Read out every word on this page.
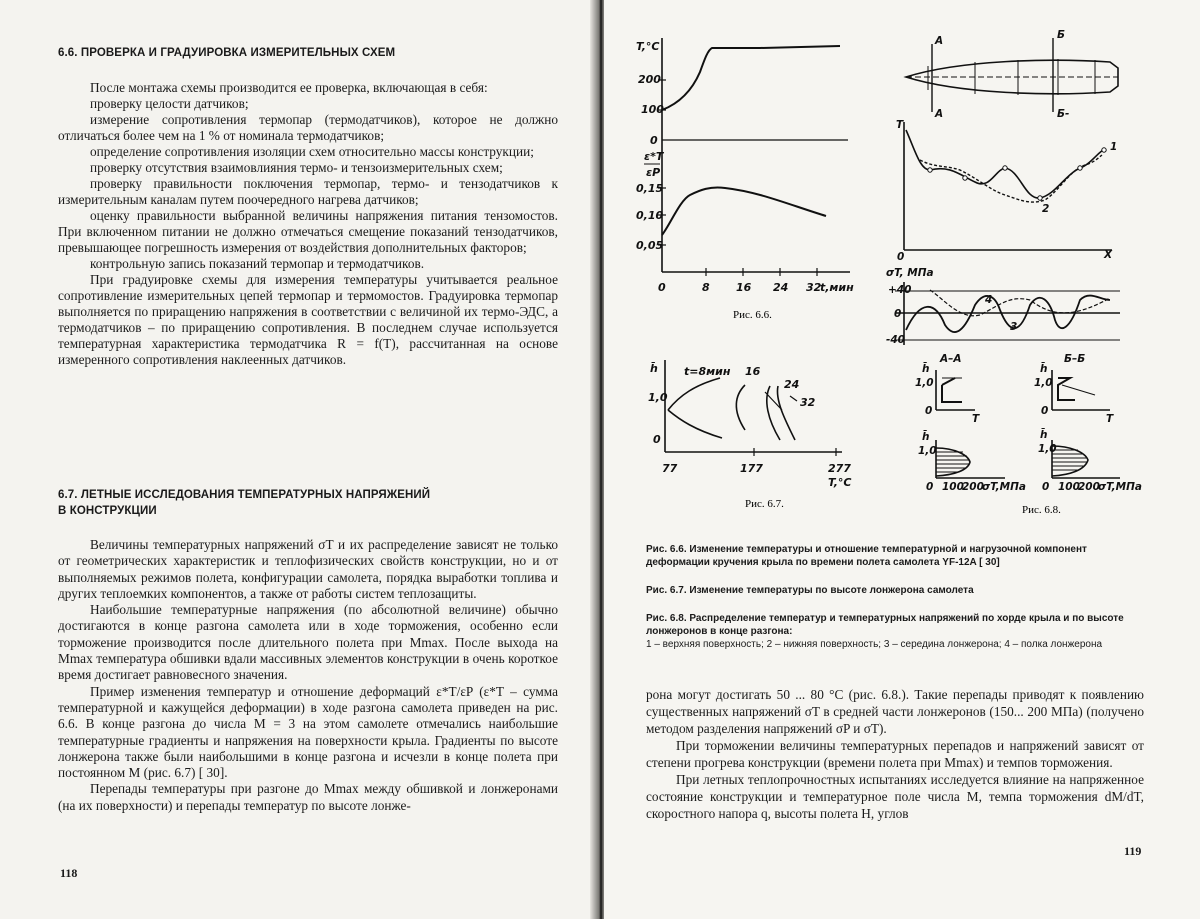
6.6. ПРОВЕРКА И ГРАДУИРОВКА ИЗМЕРИТЕЛЬНЫХ СХЕМ

После монтажа схемы производится ее проверка, включающая в себя:

проверку целости датчиков;

измерение сопротивления термопар (термодатчиков), которое не должно отличаться более чем на 1 % от номинала термодатчиков;

определение сопротивления изоляции схем относительно массы конструкции;

проверку отсутствия взаимовлияния термо- и тензоизмерительных схем;

проверку правильности поключения термопар, термо- и тензодатчиков к измерительным каналам путем поочередного нагрева датчиков;

оценку правильности выбранной величины напряжения питания тензомостов. При включенном питании не должно отмечаться смещение показаний тензодатчиков, превышающее погрешность измерения от воздействия дополнительных факторов;

контрольную запись показаний термопар и термодатчиков.

При градуировке схемы для измерения температуры учитывается реальное сопротивление измерительных цепей термопар и термомостов. Градуировка термопар выполняется по приращению напряжения в соответствии с величиной их термо-ЭДС, а термодатчиков – по приращению сопротивления. В последнем случае используется температурная характеристика термодатчика R = f(T), рассчитанная на основе измеренного сопротивления наклеенных датчиков.

6.7. ЛЕТНЫЕ ИССЛЕДОВАНИЯ ТЕМПЕРАТУРНЫХ НАПРЯЖЕНИЙ
В КОНСТРУКЦИИ

Величины температурных напряжений σT и их распределение зависят не только от геометрических характеристик и теплофизических свойств конструкции, но и от выполняемых режимов полета, конфигурации самолета, порядка выработки топлива и других теплоемких компонентов, а также от работы систем теплозащиты.

Наибольшие температурные напряжения (по абсолютной величине) обычно достигаются в конце разгона самолета или в ходе торможения, особенно если торможение производится после длительного полета при Mmax. После выхода на Mmax температура обшивки вдали массивных элементов конструкции в очень короткое время достигает равновесного значения.

Пример изменения температур и отношение деформаций ε*T/εP (ε*T – сумма температурной и кажущейся деформации) в ходе разгона самолета приведен на рис. 6.6. В конце разгона до числа M = 3 на этом самолете отмечались наибольшие температурные градиенты и напряжения на поверхности крыла. Градиенты по высоте лонжерона также были наибольшими в конце разгона и исчезли в конце полета при постоянном M (рис. 6.7) [ 30].

Перепады температуры при разгоне до Mmax между обшивкой и лонжеронами (на их поверхности) и перепады температур по высоте лонже-

118
T,°C
200
100
0
ε*T
εP
0,15
0,10
0,05
0	8 16 24 32
t,мин
Рис. 6.6.
h̄
1,0
0
t=8мин 16
24
32
77	177	277
T,°C
Рис. 6.7.
A
A
Б
Б-
T
X
0
1
2
3
4
σT, МПа
+40
0
-40
A–A	Б–Б
h̄
1,0
h̄
1,0
0	0
T	T
h̄
1,0
h̄
1,0
0 100
200
σT,МПа 0 100
200
σT,МПа
Рис. 6.8.
Рис. 6.6. Изменение температуры и отношение температурной и нагрузочной компонент деформации кручения крыла по времени полета самолета YF-12A [ 30]
Рис. 6.7. Изменение температуры по высоте лонжерона самолета
Рис. 6.8. Распределение температур и температурных напряжений по хорде крыла и по высоте лонжеронов в конце разгона:
1 – верхняя поверхность; 2 – нижняя поверхность; 3 – середина лонжерона; 4 – полка лонжерона

рона могут достигать 50 ... 80 °C (рис. 6.8.). Такие перепады приводят к появлению существенных напряжений σT в средней части лонжеронов (150... 200 МПа) (получено методом разделения напряжений σP и σT).

При торможении величины температурных перепадов и напряжений зависят от степени прогрева конструкции (времени полета при Mmax) и темпов торможения.

При летных теплопрочностных испытаниях исследуется влияние на напряженное состояние конструкции и температурное поле числа M, темпа торможения dM/dT, скоростного напора q, высоты полета H, углов

119
